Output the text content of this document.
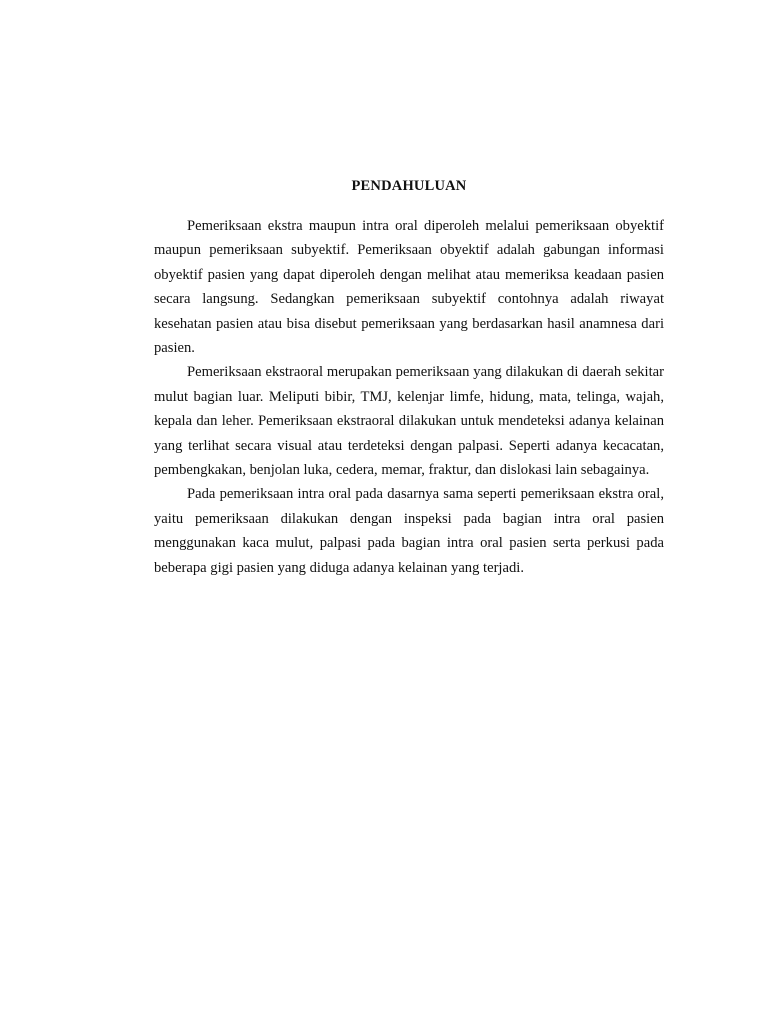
PENDAHULUAN

Pemeriksaan ekstra maupun intra oral diperoleh melalui pemeriksaan obyektif maupun pemeriksaan subyektif. Pemeriksaan obyektif adalah gabungan informasi obyektif pasien yang dapat diperoleh dengan melihat atau memeriksa keadaan pasien secara langsung. Sedangkan pemeriksaan subyektif contohnya adalah riwayat kesehatan pasien atau bisa disebut pemeriksaan yang berdasarkan hasil anamnesa dari pasien.

Pemeriksaan ekstraoral merupakan pemeriksaan yang dilakukan di daerah sekitar mulut bagian luar. Meliputi bibir, TMJ, kelenjar limfe, hidung, mata, telinga, wajah, kepala dan leher. Pemeriksaan ekstraoral dilakukan untuk mendeteksi adanya kelainan yang terlihat secara visual atau terdeteksi dengan palpasi. Seperti adanya kecacatan, pembengkakan, benjolan luka, cedera, memar, fraktur, dan dislokasi lain sebagainya.

Pada pemeriksaan intra oral pada dasarnya sama seperti pemeriksaan ekstra oral, yaitu pemeriksaan dilakukan dengan inspeksi pada bagian intra oral pasien menggunakan kaca mulut, palpasi pada bagian intra oral pasien serta perkusi pada beberapa gigi pasien yang diduga adanya kelainan yang terjadi.
